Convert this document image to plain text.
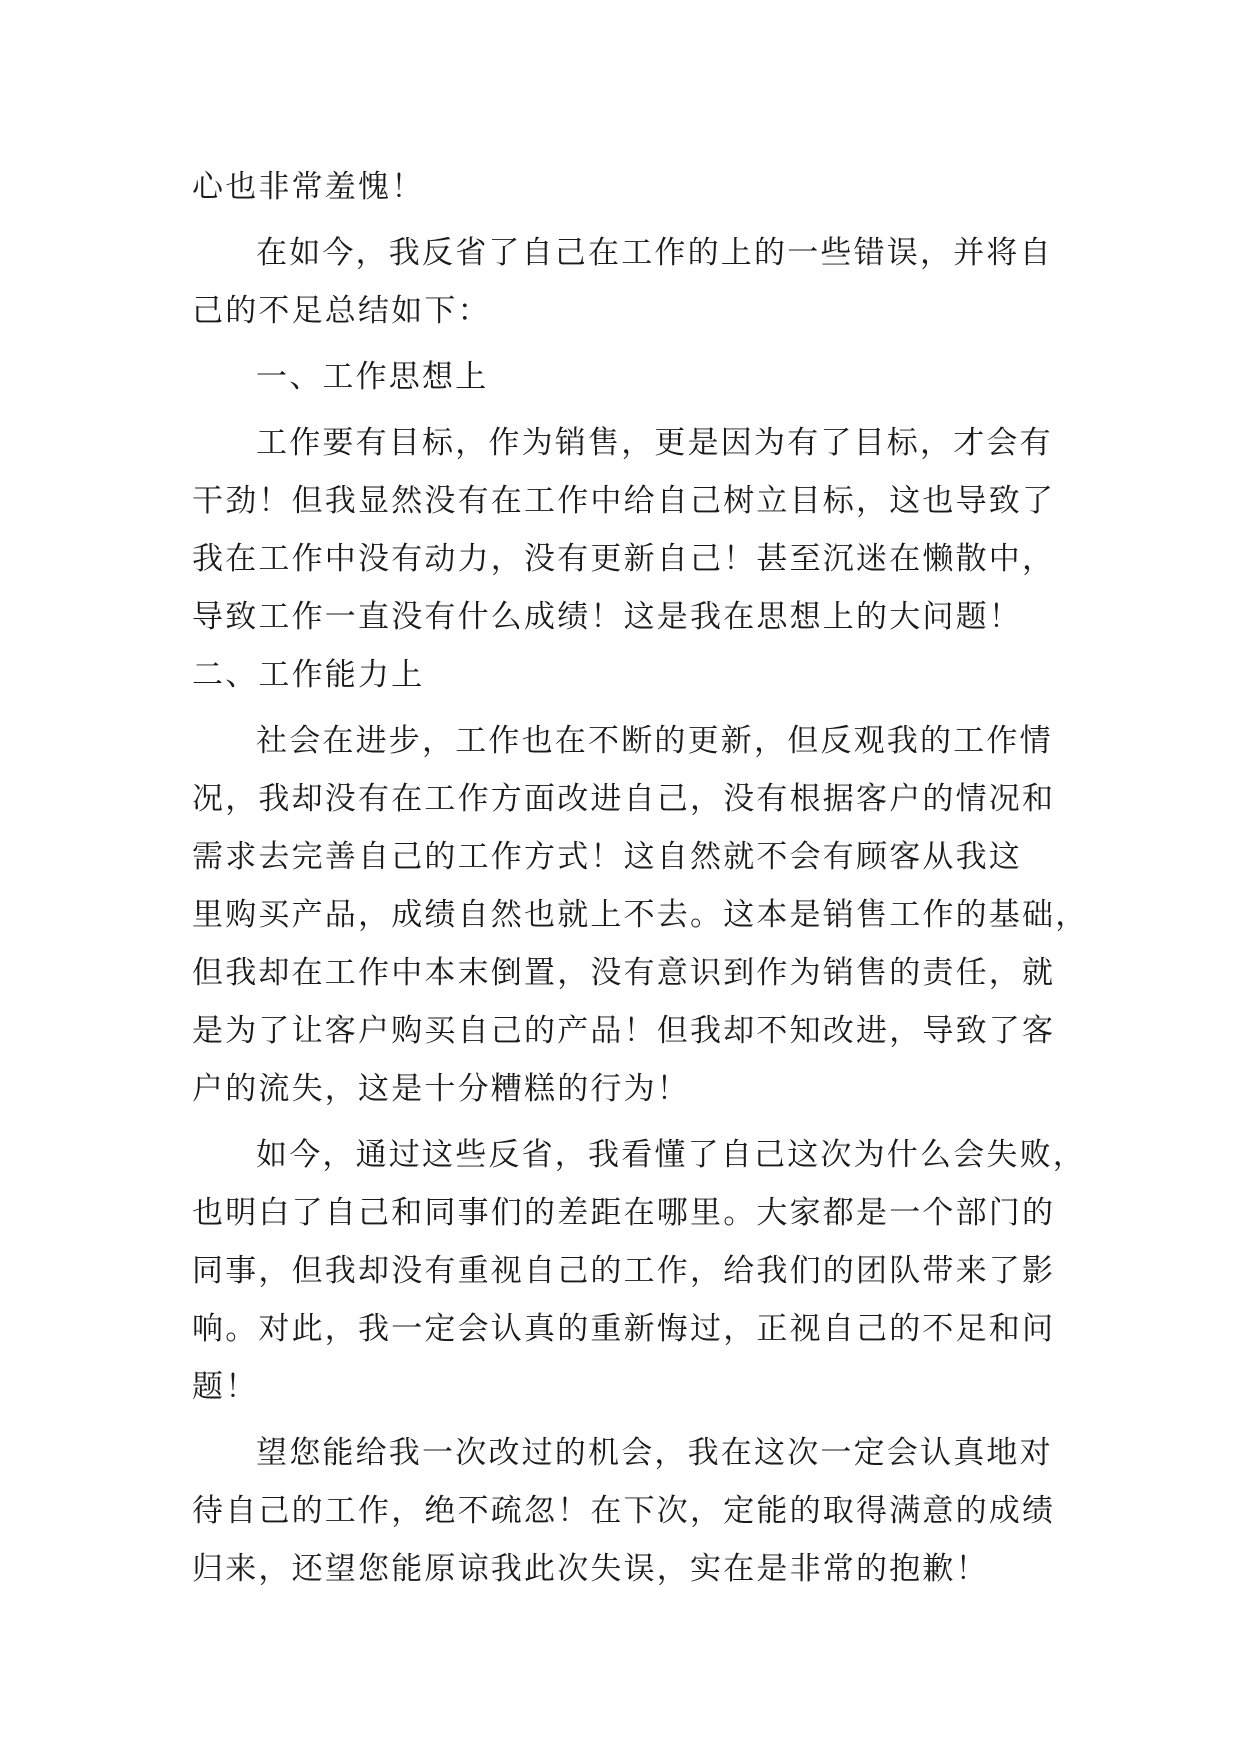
心也非常羞愧！
在如今，我反省了自己在工作的上的一些错误，并将自
己的不足总结如下：
一、工作思想上
工作要有目标，作为销售，更是因为有了目标，才会有
干劲！但我显然没有在工作中给自己树立目标，这也导致了
我在工作中没有动力，没有更新自己！甚至沉迷在懒散中，
导致工作一直没有什么成绩！这是我在思想上的大问题！
二、工作能力上
社会在进步，工作也在不断的更新，但反观我的工作情
况，我却没有在工作方面改进自己，没有根据客户的情况和
需求去完善自己的工作方式！这自然就不会有顾客从我这
里购买产品，成绩自然也就上不去。这本是销售工作的基础，
但我却在工作中本末倒置，没有意识到作为销售的责任，就
是为了让客户购买自己的产品！但我却不知改进，导致了客
户的流失，这是十分糟糕的行为！
如今，通过这些反省，我看懂了自己这次为什么会失败，
也明白了自己和同事们的差距在哪里。大家都是一个部门的
同事，但我却没有重视自己的工作，给我们的团队带来了影
响。对此，我一定会认真的重新悔过，正视自己的不足和问
题！
望您能给我一次改过的机会，我在这次一定会认真地对
待自己的工作，绝不疏忽！在下次，定能的取得满意的成绩
归来，还望您能原谅我此次失误，实在是非常的抱歉！
